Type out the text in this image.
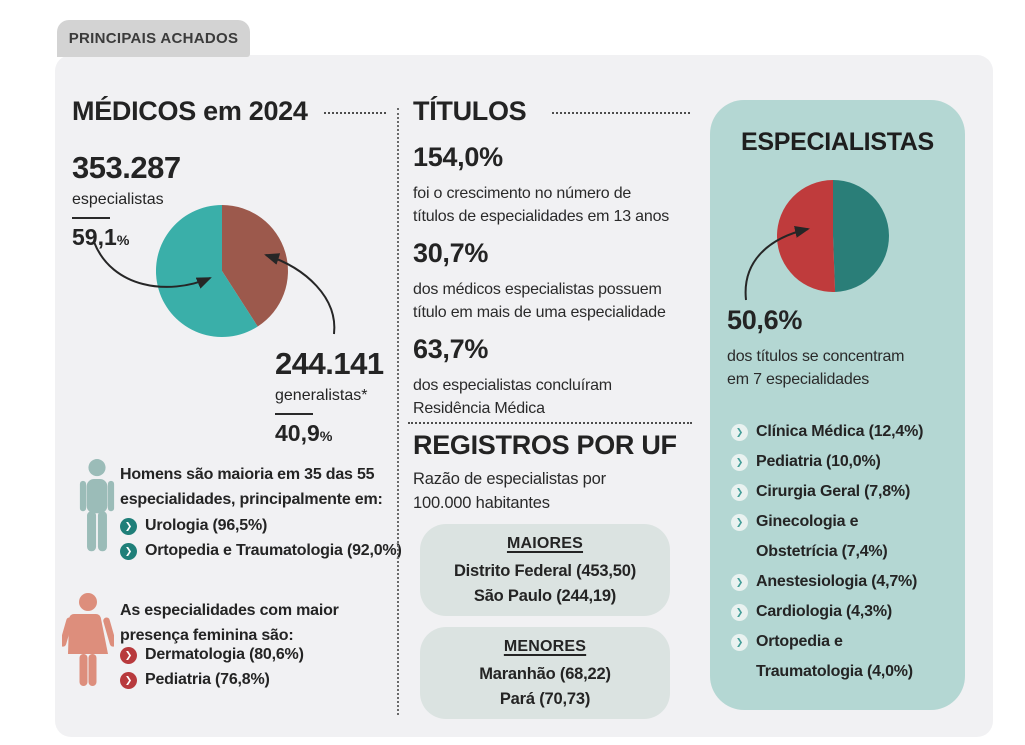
PRINCIPAIS ACHADOS
MÉDICOS em 2024
353.287
especialistas
59,1%
244.141
generalistas*
40,9%
Homens são maioria em 35 das 55
especialidades, principalmente em:
❯ Urologia (96,5%)
❯ Ortopedia e Traumatologia (92,0%)
As especialidades com maior
presença feminina são:
❯ Dermatologia (80,6%)
❯ Pediatria (76,8%)
TÍTULOS
154,0%
foi o crescimento no número de
títulos de especialidades em 13 anos
30,7%
dos médicos especialistas possuem
título em mais de uma especialidade
63,7%
dos especialistas concluíram
Residência Médica
REGISTROS POR UF
Razão de especialistas por
100.000 habitantes
MAIORES
Distrito Federal (453,50)
São Paulo (244,19)
MENORES
Maranhão (68,22)
Pará (70,73)
ESPECIALISTAS
50,6%
dos títulos se concentram
em 7 especialidades
❯ Clínica Médica (12,4%)
❯ Pediatria (10,0%)
❯ Cirurgia Geral (7,8%)
❯ Ginecologia e
Obstetrícia (7,4%)
❯ Anestesiologia (4,7%)
❯ Cardiologia (4,3%)
❯ Ortopedia e
Traumatologia (4,0%)
